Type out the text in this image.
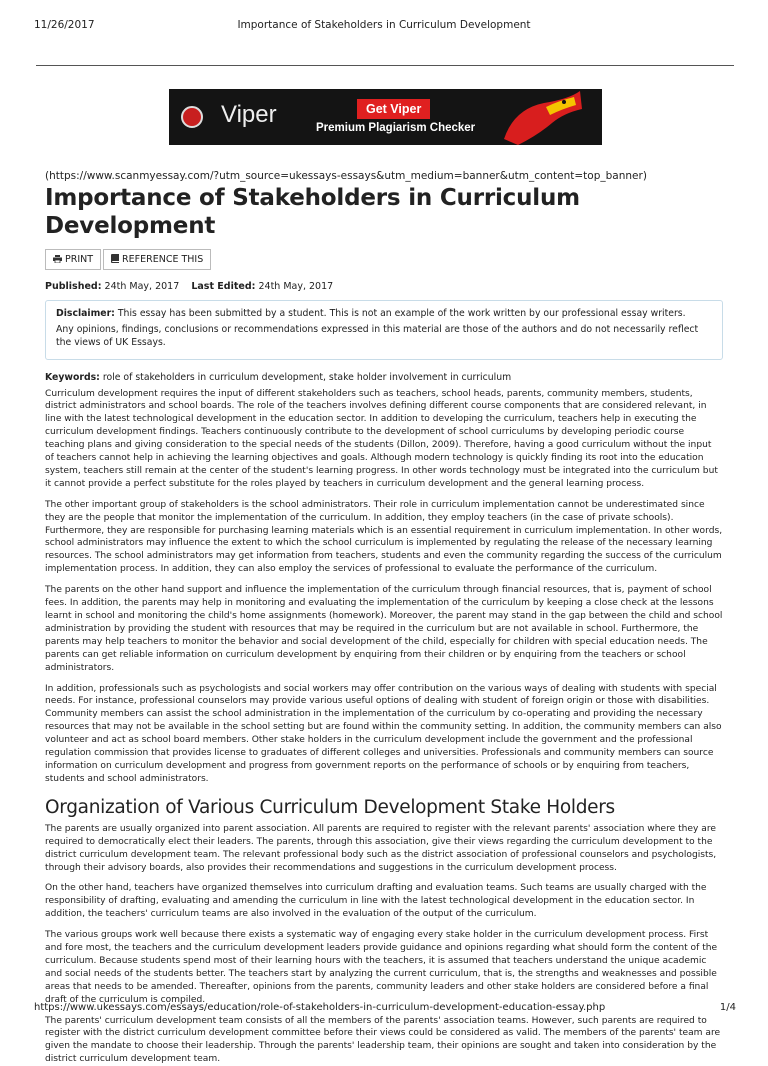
11/26/2017	Importance of Stakeholders in Curriculum Development
Viper	Get Viper
Premium Plagiarism Checker
(https://www.scanmyessay.com/?utm_source=ukessays-essays&utm_medium=banner&utm_content=top_banner)
Importance of Stakeholders in Curriculum Development
PRINT	REFERENCE THIS
Published: 24th May, 2017 Last Edited: 24th May, 2017

Disclaimer: This essay has been submitted by a student. This is not an example of the work written by our professional essay writers.

Any opinions, findings, conclusions or recommendations expressed in this material are those of the authors and do not necessarily reflect the views of UK Essays.

Keywords: role of stakeholders in curriculum development, stake holder involvement in curriculum

Curriculum development requires the input of different stakeholders such as teachers, school heads, parents, community members, students, district administrators and school boards. The role of the teachers involves defining different course components that are considered relevant, in line with the latest technological development in the education sector. In addition to developing the curriculum, teachers help in executing the curriculum development findings. Teachers continuously contribute to the development of school curriculums by developing periodic course teaching plans and giving consideration to the special needs of the students (Dillon, 2009). Therefore, having a good curriculum without the input of teachers cannot help in achieving the learning objectives and goals. Although modern technology is quickly finding its root into the education system, teachers still remain at the center of the student's learning progress. In other words technology must be integrated into the curriculum but it cannot provide a perfect substitute for the roles played by teachers in curriculum development and the general learning process.

The other important group of stakeholders is the school administrators. Their role in curriculum implementation cannot be underestimated since they are the people that monitor the implementation of the curriculum. In addition, they employ teachers (in the case of private schools). Furthermore, they are responsible for purchasing learning materials which is an essential requirement in curriculum implementation. In other words, school administrators may influence the extent to which the school curriculum is implemented by regulating the release of the necessary learning resources. The school administrators may get information from teachers, students and even the community regarding the success of the curriculum implementation process. In addition, they can also employ the services of professional to evaluate the performance of the curriculum.

The parents on the other hand support and influence the implementation of the curriculum through financial resources, that is, payment of school fees. In addition, the parents may help in monitoring and evaluating the implementation of the curriculum by keeping a close check at the lessons learnt in school and monitoring the child's home assignments (homework). Moreover, the parent may stand in the gap between the child and school administration by providing the student with resources that may be required in the curriculum but are not available in school. Furthermore, the parents may help teachers to monitor the behavior and social development of the child, especially for children with special education needs. The parents can get reliable information on curriculum development by enquiring from their children or by enquiring from the teachers or school administrators.

In addition, professionals such as psychologists and social workers may offer contribution on the various ways of dealing with students with special needs. For instance, professional counselors may provide various useful options of dealing with student of foreign origin or those with disabilities. Community members can assist the school administration in the implementation of the curriculum by co-operating and providing the necessary resources that may not be available in the school setting but are found within the community setting. In addition, the community members can also volunteer and act as school board members. Other stake holders in the curriculum development include the government and the professional regulation commission that provides license to graduates of different colleges and universities. Professionals and community members can source information on curriculum development and progress from government reports on the performance of schools or by enquiring from teachers, students and school administrators.

Organization of Various Curriculum Development Stake Holders

The parents are usually organized into parent association. All parents are required to register with the relevant parents' association where they are required to democratically elect their leaders. The parents, through this association, give their views regarding the curriculum development to the district curriculum development team. The relevant professional body such as the district association of professional counselors and psychologists, through their advisory boards, also provides their recommendations and suggestions in the curriculum development process.

On the other hand, teachers have organized themselves into curriculum drafting and evaluation teams. Such teams are usually charged with the responsibility of drafting, evaluating and amending the curriculum in line with the latest technological development in the education sector. In addition, the teachers' curriculum teams are also involved in the evaluation of the output of the curriculum.

The various groups work well because there exists a systematic way of engaging every stake holder in the curriculum development process. First and fore most, the teachers and the curriculum development leaders provide guidance and opinions regarding what should form the content of the curriculum. Because students spend most of their learning hours with the teachers, it is assumed that teachers understand the unique academic and social needs of the students better. The teachers start by analyzing the current curriculum, that is, the strengths and weaknesses and possible areas that needs to be amended. Thereafter, opinions from the parents, community leaders and other stake holders are considered before a final draft of the curriculum is compiled.

The parents' curriculum development team consists of all the members of the parents' association teams. However, such parents are required to register with the district curriculum development committee before their views could be considered as valid. The members of the parents' team are given the mandate to choose their leadership. Through the parents' leadership team, their opinions are sought and taken into consideration by the district curriculum development team.

https://www.ukessays.com/essays/education/role-of-stakeholders-in-curriculum-development-education-essay.php	1/4
